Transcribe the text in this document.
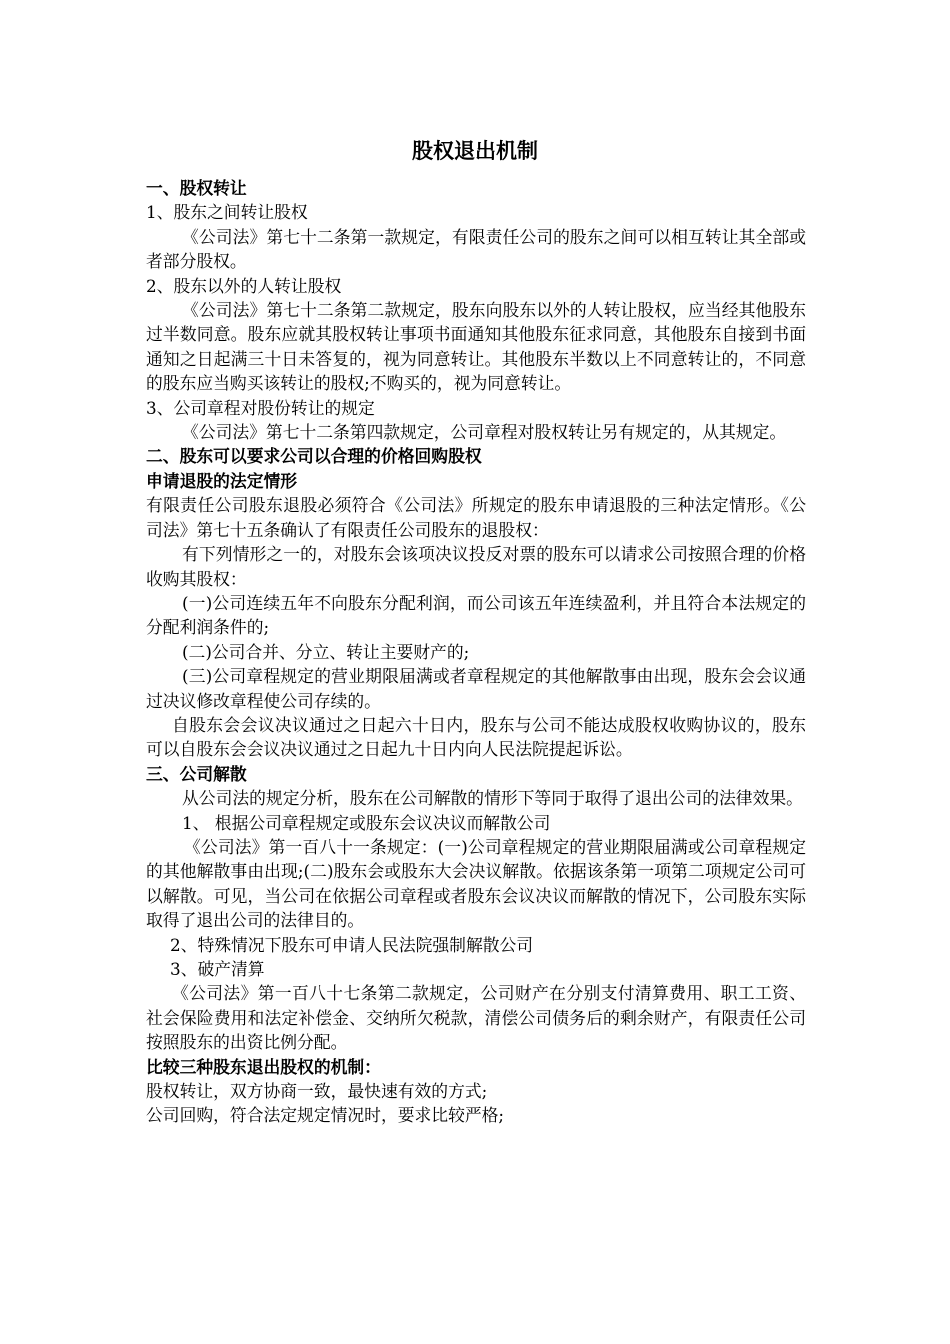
股权退出机制

一、股权转让

1、股东之间转让股权

《公司法》第七十二条第一款规定，有限责任公司的股东之间可以相互转让其全部或者部分股权。

2、股东以外的人转让股权

《公司法》第七十二条第二款规定，股东向股东以外的人转让股权，应当经其他股东过半数同意。股东应就其股权转让事项书面通知其他股东征求同意，其他股东自接到书面通知之日起满三十日未答复的，视为同意转让。其他股东半数以上不同意转让的，不同意的股东应当购买该转让的股权;不购买的，视为同意转让。

3、公司章程对股份转让的规定

《公司法》第七十二条第四款规定，公司章程对股权转让另有规定的，从其规定。

二、股东可以要求公司以合理的价格回购股权

申请退股的法定情形

有限责任公司股东退股必须符合《公司法》所规定的股东申请退股的三种法定情形。《公司法》第七十五条确认了有限责任公司股东的退股权：

有下列情形之一的，对股东会该项决议投反对票的股东可以请求公司按照合理的价格收购其股权：

(一)公司连续五年不向股东分配利润，而公司该五年连续盈利，并且符合本法规定的分配利润条件的;

(二)公司合并、分立、转让主要财产的;

(三)公司章程规定的营业期限届满或者章程规定的其他解散事由出现，股东会会议通过决议修改章程使公司存续的。

自股东会会议决议通过之日起六十日内，股东与公司不能达成股权收购协议的，股东可以自股东会会议决议通过之日起九十日内向人民法院提起诉讼。

三、公司解散

从公司法的规定分析，股东在公司解散的情形下等同于取得了退出公司的法律效果。

1、 根据公司章程规定或股东会议决议而解散公司

《公司法》第一百八十一条规定：(一)公司章程规定的营业期限届满或公司章程规定的其他解散事由出现;(二)股东会或股东大会决议解散。依据该条第一项第二项规定公司可以解散。可见，当公司在依据公司章程或者股东会议决议而解散的情况下，公司股东实际取得了退出公司的法律目的。

2、特殊情况下股东可申请人民法院强制解散公司

3、破产清算

《公司法》第一百八十七条第二款规定，公司财产在分别支付清算费用、职工工资、社会保险费用和法定补偿金、交纳所欠税款，清偿公司债务后的剩余财产，有限责任公司按照股东的出资比例分配。

比较三种股东退出股权的机制：

股权转让，双方协商一致，最快速有效的方式;

公司回购，符合法定规定情况时，要求比较严格;
